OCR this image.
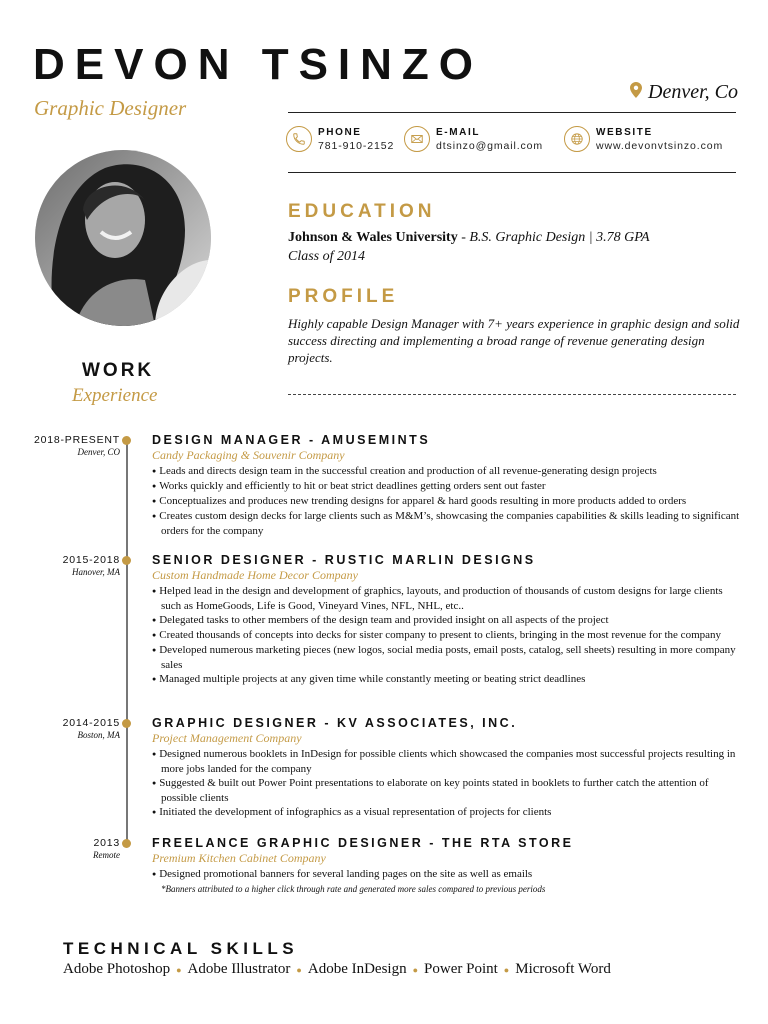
DEVON TSINZO
Graphic Designer
Denver, Co
PHONE
781-910-2152
E-MAIL
dtsinzo@gmail.com
WEBSITE
www.devonvtsinzo.com
EDUCATION
Johnson & Wales University - B.S. Graphic Design | 3.78 GPA
Class of 2014
PROFILE
Highly capable Design Manager with 7+ years experience in graphic design and solid success directing and implementing a broad range of revenue generating design projects.
WORK
Experience
2018-PRESENT
Denver, CO
DESIGN MANAGER - AMUSEMINTS
Candy Packaging & Souvenir Company
● Leads and directs design team in the successful creation and production of all revenue-generating design projects
● Works quickly and efficiently to hit or beat strict deadlines getting orders sent out faster
● Conceptualizes and produces new trending designs for apparel & hard goods resulting in more products added to orders
● Creates custom design decks for large clients such as M&M’s, showcasing the companies capabilities & skills leading to significant orders for the company
2015-2018
Hanover, MA
SENIOR DESIGNER - RUSTIC MARLIN DESIGNS
Custom Handmade Home Decor Company
● Helped lead in the design and development of graphics, layouts, and production of thousands of custom designs for large clients such as HomeGoods, Life is Good, Vineyard Vines, NFL, NHL, etc..
● Delegated tasks to other members of the design team and provided insight on all aspects of the project
● Created thousands of concepts into decks for sister company to present to clients, bringing in the most revenue for the company
● Developed numerous marketing pieces (new logos, social media posts, email posts, catalog, sell sheets) resulting in more company sales
● Managed multiple projects at any given time while constantly meeting or beating strict deadlines
2014-2015
Boston, MA
GRAPHIC DESIGNER - KV ASSOCIATES, INC.
Project Management Company
● Designed numerous booklets in InDesign for possible clients which showcased the companies most successful projects resulting in more jobs landed for the company
● Suggested & built out Power Point presentations to elaborate on key points stated in booklets to further catch the attention of possible clients
● Initiated the development of infographics as a visual representation of projects for clients
2013
Remote
FREELANCE GRAPHIC DESIGNER - THE RTA STORE
Premium Kitchen Cabinet Company
● Designed promotional banners for several landing pages on the site as well as emails
*Banners attributed to a higher click through rate and generated more sales compared to previous periods
TECHNICAL SKILLS
Adobe Photoshop ● Adobe Illustrator ● Adobe InDesign ● Power Point ● Microsoft Word
